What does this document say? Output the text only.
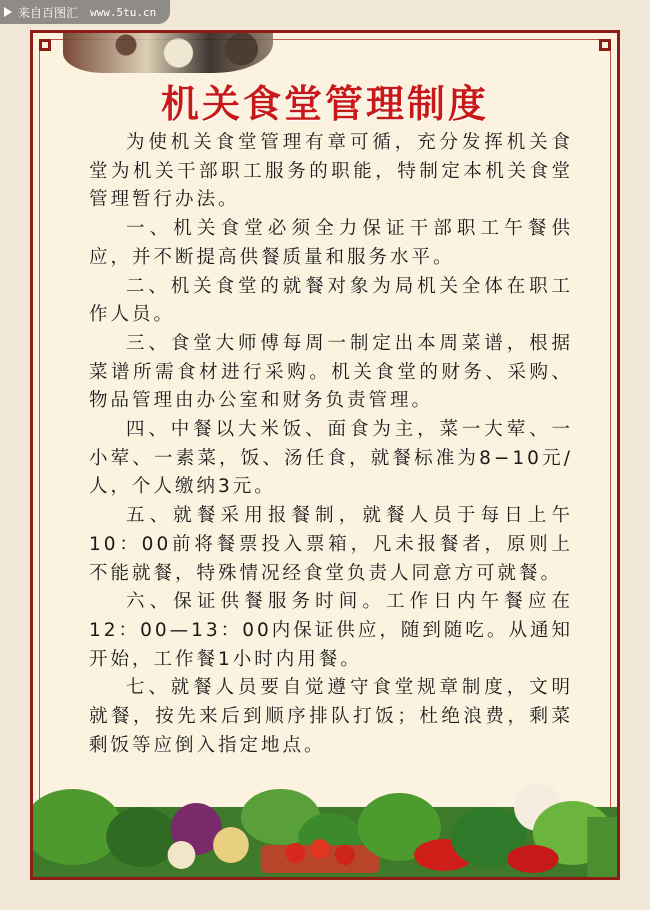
来自百图汇 www.5tu.cn
机关食堂管理制度

为使机关食堂管理有章可循，充分发挥机关食堂为机关干部职工服务的职能，特制定本机关食堂管理暂行办法。

一、机关食堂必须全力保证干部职工午餐供应，并不断提高供餐质量和服务水平。

二、机关食堂的就餐对象为局机关全体在职工作人员。

三、食堂大师傅每周一制定出本周菜谱，根据菜谱所需食材进行采购。机关食堂的财务、采购、物品管理由办公室和财务负责管理。

四、中餐以大米饭、面食为主，菜一大荤、一小荤、一素菜，饭、汤任食，就餐标准为8−10元/人，个人缴纳3元。

五、就餐采用报餐制，就餐人员于每日上午10：00前将餐票投入票箱，凡未报餐者，原则上不能就餐，特殊情况经食堂负责人同意方可就餐。

六、保证供餐服务时间。工作日内午餐应在12：00—13：00内保证供应，随到随吃。从通知开始，工作餐1小时内用餐。

七、就餐人员要自觉遵守食堂规章制度，文明就餐，按先来后到顺序排队打饭；杜绝浪费，剩菜剩饭等应倒入指定地点。
